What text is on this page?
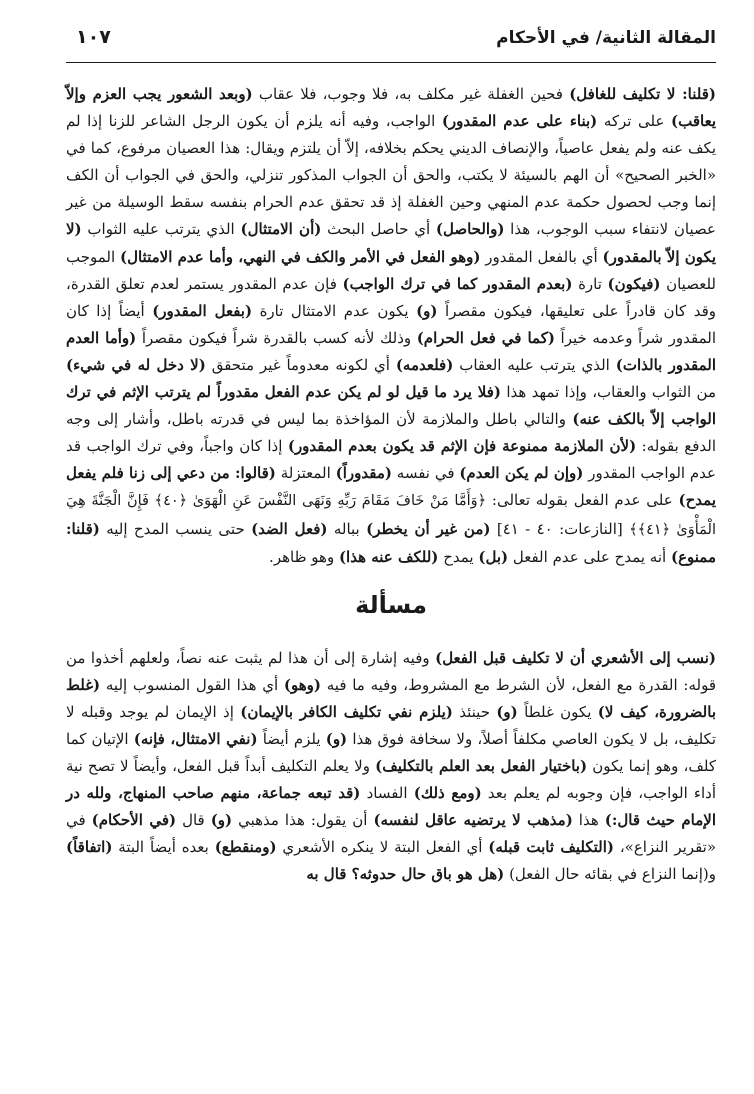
المقالة الثانية/ في الأحكام
١٠٧

(قلنا: لا تكليف للغافل) فحين الغفلة غير مكلف به، فلا وجوب، فلا عقاب (وبعد الشعور يجب العزم وإلاّ يعاقب) على تركه (بناء على عدم المقدور) الواجب، وفيه أنه يلزم أن يكون الرجل الشاعر للزنا إذا لم يكف عنه ولم يفعل عاصياً، والإنصاف الديني يحكم بخلافه، إلاّ أن يلتزم ويقال: هذا العصيان مرفوع، كما في «الخبر الصحيح» أن الهم بالسيئة لا يكتب، والحق أن الجواب المذكور تنزلي، والحق في الجواب أن الكف إنما وجب لحصول حكمة عدم المنهي وحين الغفلة إذ قد تحقق عدم الحرام بنفسه سقط الوسيلة من غير عصيان لانتفاء سبب الوجوب، هذا (والحاصل) أي حاصل البحث (أن الامتثال) الذي يترتب عليه الثواب (لا يكون إلاّ بالمقدور) أي بالفعل المقدور (وهو الفعل في الأمر والكف في النهي، وأما عدم الامتثال) الموجب للعصيان (فيكون) تارة (بعدم المقدور كما في ترك الواجب) فإن عدم المقدور يستمر لعدم تعلق القدرة، وقد كان قادراً على تعليقها، فيكون مقصراً (و) يكون عدم الامتثال تارة (بفعل المقدور) أيضاً إذا كان المقدور شراً وعدمه خيراً (كما في فعل الحرام) وذلك لأنه كسب بالقدرة شراً فيكون مقصراً (وأما العدم المقدور بالذات) الذي يترتب عليه العقاب (فلعدمه) أي لكونه معدوماً غير متحقق (لا دخل له في شيء) من الثواب والعقاب، وإذا تمهد هذا (فلا يرد ما قيل لو لم يكن عدم الفعل مقدوراً لم يترتب الإثم في ترك الواجب إلاّ بالكف عنه) والتالي باطل والملازمة لأن المؤاخذة بما ليس في قدرته باطل، وأشار إلى وجه الدفع بقوله: (لأن الملازمة ممنوعة فإن الإثم قد يكون بعدم المقدور) إذا كان واجباً، وفي ترك الواجب قد عدم الواجب المقدور (وإن لم يكن العدم) في نفسه (مقدوراً) المعتزلة (قالوا: من دعي إلى زنا فلم يفعل يمدح) على عدم الفعل بقوله تعالى: ﴿وَأَمَّا مَنْ خَافَ مَقَامَ رَبِّهِ وَنَهَى النَّفْسَ عَنِ الْهَوَىٰ ﴿٤٠﴾ فَإِنَّ الْجَنَّةَ هِيَ الْمَأْوَىٰ ﴿٤١﴾﴾ [النازعات: ٤٠ - ٤١] (من غير أن يخطر) بباله (فعل الضد) حتى ينسب المدح إليه (قلنا: ممنوع) أنه يمدح على عدم الفعل (بل) يمدح (للكف عنه هذا) وهو ظاهر.

مسألة

(نسب إلى الأشعري أن لا تكليف قبل الفعل) وفيه إشارة إلى أن هذا لم يثبت عنه نصاً، ولعلهم أخذوا من قوله: القدرة مع الفعل، لأن الشرط مع المشروط، وفيه ما فيه (وهو) أي هذا القول المنسوب إليه (غلط بالضرورة، كيف لا) يكون غلطاً (و) حينئذ (يلزم نفي تكليف الكافر بالإيمان) إذ الإيمان لم يوجد وقبله لا تكليف، بل لا يكون العاصي مكلفاً أصلاً، ولا سخافة فوق هذا (و) يلزم أيضاً (نفي الامتثال، فإنه) الإتيان كما كلف، وهو إنما يكون (باختيار الفعل بعد العلم بالتكليف) ولا يعلم التكليف أبداً قبل الفعل، وأيضاً لا تصح نية أداء الواجب، فإن وجوبه لم يعلم بعد (ومع ذلك) الفساد (قد تبعه جماعة، منهم صاحب المنهاج، ولله در الإمام حيث قال:) هذا (مذهب لا يرتضيه عاقل لنفسه) أن يقول: هذا مذهبي (و) قال (في الأحكام) في «تقرير النزاع»، (التكليف ثابت قبله) أي الفعل البتة لا ينكره الأشعري (ومنقطع) بعده أيضاً البتة (اتفاقاً) و(إنما النزاع في بقائه حال الفعل) (هل هو باق حال حدوثه؟ قال به
